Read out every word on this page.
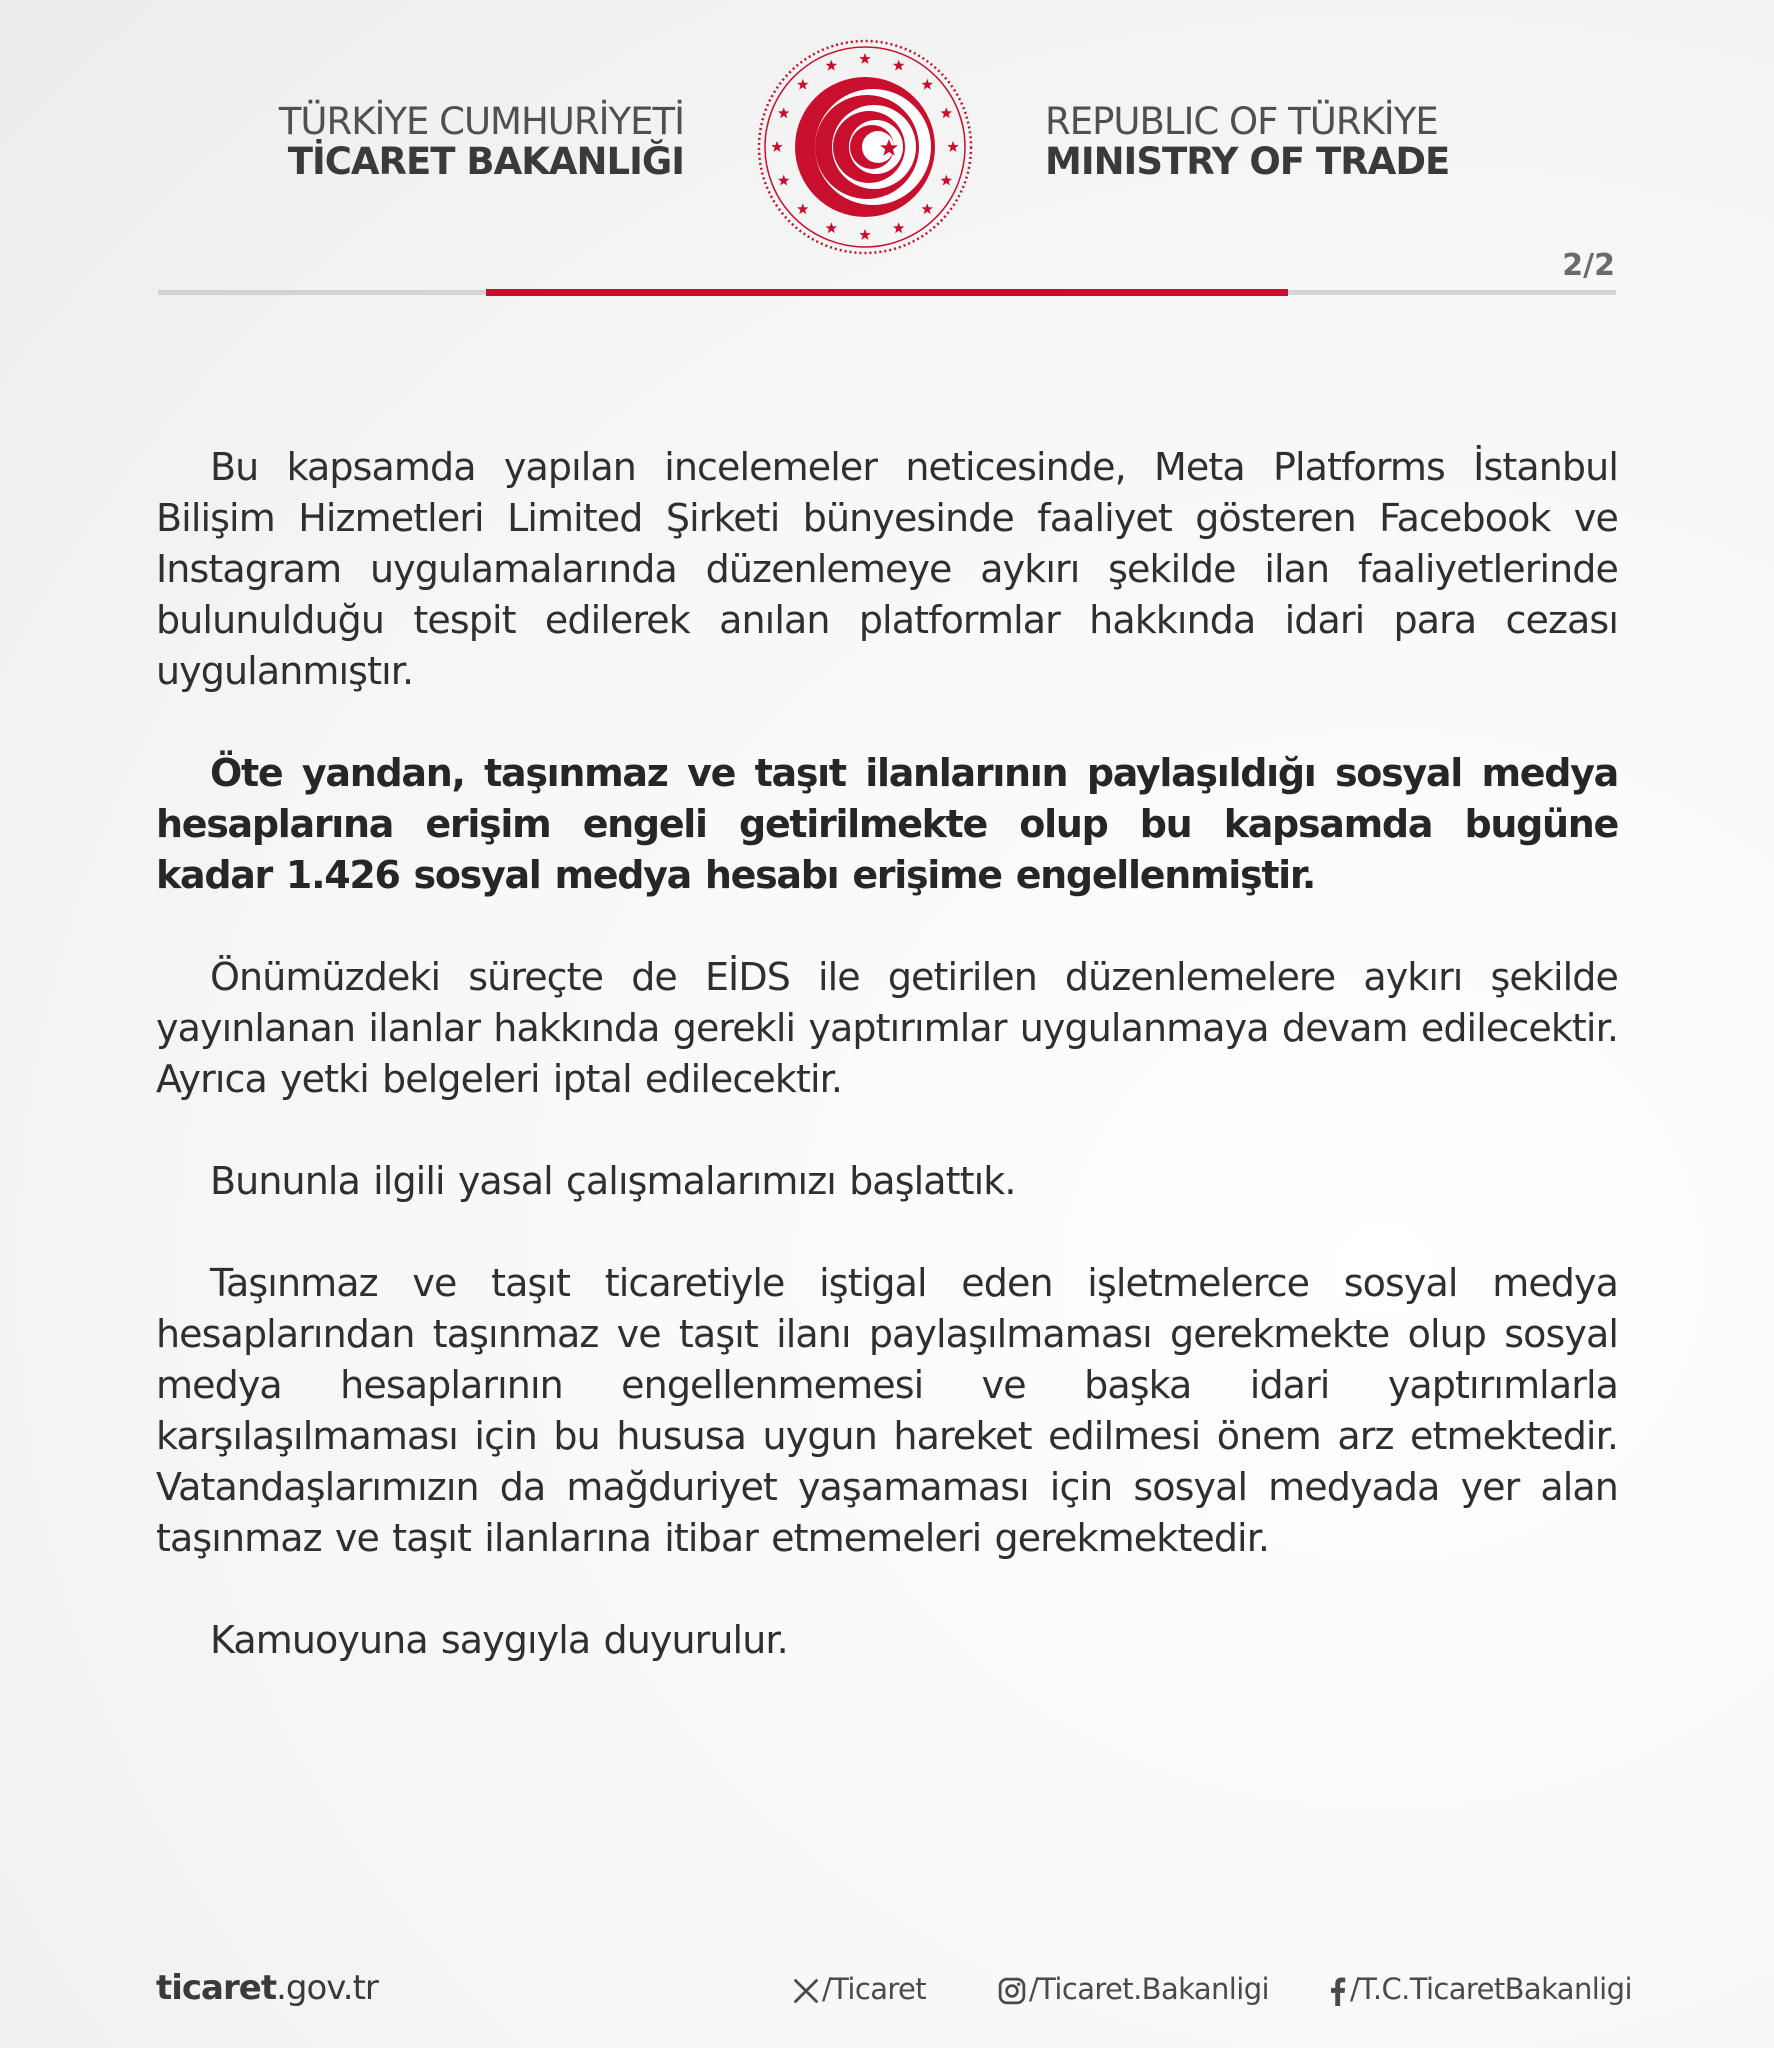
TÜRKİYE CUMHURİYETİ
TİCARET BAKANLIĞI
REPUBLIC OF TÜRKİYE
MINISTRY OF TRADE
2/2

Bu kapsamda yapılan incelemeler neticesinde, Meta Platforms İstanbul Bilişim Hizmetleri Limited Şirketi bünyesinde faaliyet gösteren Facebook ve Instagram uygulamalarında düzenlemeye aykırı şekilde ilan faaliyetlerinde bulunulduğu tespit edilerek anılan platformlar hakkında idari para cezası uygulanmıştır.

Öte yandan, taşınmaz ve taşıt ilanlarının paylaşıldığı sosyal medya hesaplarına erişim engeli getirilmekte olup bu kapsamda bugüne kadar 1.426 sosyal medya hesabı erişime engellenmiştir.

Önümüzdeki süreçte de EİDS ile getirilen düzenlemelere aykırı şekilde yayınlanan ilanlar hakkında gerekli yaptırımlar uygulanmaya devam edilecektir. Ayrıca yetki belgeleri iptal edilecektir.

Bununla ilgili yasal çalışmalarımızı başlattık.

Taşınmaz ve taşıt ticaretiyle iştigal eden işletmelerce sosyal medya hesaplarından taşınmaz ve taşıt ilanı paylaşılmaması gerekmekte olup sosyal medya hesaplarının engellenmemesi ve başka idari yaptırımlarla karşılaşılmaması için bu hususa uygun hareket edilmesi önem arz etmektedir. Vatandaşlarımızın da mağduriyet yaşamaması için sosyal medyada yer alan taşınmaz ve taşıt ilanlarına itibar etmemeleri gerekmektedir.

Kamuoyuna saygıyla duyurulur.

ticaret.gov.tr	/Ticaret	/Ticaret.Bakanligi	/T.C.TicaretBakanligi
